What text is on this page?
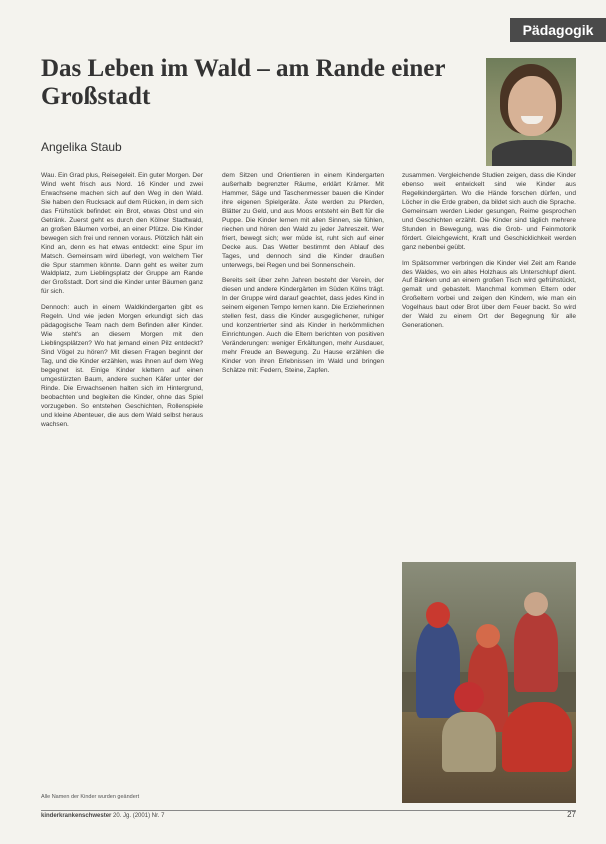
Pädagogik
Das Leben im Wald – am Rande einer Großstadt
Angelika Staub

Wau. Ein Grad plus, Reisegeleit. Ein guter Morgen. Der Wind weht frisch aus Nord. 16 Kinder und zwei Erwachsene machen sich auf den Weg in den Wald. Sie haben den Rucksack auf dem Rücken, in dem sich das Frühstück befindet: ein Brot, etwas Obst und ein Getränk. Zuerst geht es durch den Kölner Stadtwald, an großen Bäumen vorbei, an einer Pfütze. Die Kinder bewegen sich frei und rennen voraus. Plötzlich hält ein Kind an, denn es hat etwas entdeckt: eine Spur im Matsch. Gemeinsam wird überlegt, von welchem Tier die Spur stammen könnte. Dann geht es weiter zum Waldplatz, zum Lieblingsplatz der Gruppe am Rande der Großstadt. Dort sind die Kinder unter Bäumen ganz für sich.

Dennoch: auch in einem Waldkindergarten gibt es Regeln. Und wie jeden Morgen erkundigt sich das pädagogische Team nach dem Befinden aller Kinder. Wie steht's an diesem Morgen mit den Lieblingsplätzen? Wo hat jemand einen Pilz entdeckt? Sind Vögel zu hören? Mit diesen Fragen beginnt der Tag, und die Kinder erzählen, was ihnen auf dem Weg begegnet ist. Einige Kinder klettern auf einen umgestürzten Baum, andere suchen Käfer unter der Rinde. Die Erwachsenen halten sich im Hintergrund, beobachten und begleiten die Kinder, ohne das Spiel vorzugeben. So entstehen Geschichten, Rollenspiele und kleine Abenteuer, die aus dem Wald selbst heraus wachsen.

dem Sitzen und Orientieren in einem Kindergarten außerhalb begrenzter Räume, erklärt Krämer. Mit Hammer, Säge und Taschenmesser bauen die Kinder ihre eigenen Spielgeräte. Äste werden zu Pferden, Blätter zu Geld, und aus Moos entsteht ein Bett für die Puppe. Die Kinder lernen mit allen Sinnen, sie fühlen, riechen und hören den Wald zu jeder Jahreszeit. Wer friert, bewegt sich; wer müde ist, ruht sich auf einer Decke aus. Das Wetter bestimmt den Ablauf des Tages, und dennoch sind die Kinder draußen unterwegs, bei Regen und bei Sonnenschein.

Bereits seit über zehn Jahren besteht der Verein, der diesen und andere Kindergärten im Süden Kölns trägt. In der Gruppe wird darauf geachtet, dass jedes Kind in seinem eigenen Tempo lernen kann. Die Erzieherinnen stellen fest, dass die Kinder ausgeglichener, ruhiger und konzentrierter sind als Kinder in herkömmlichen Einrichtungen. Auch die Eltern berichten von positiven Veränderungen: weniger Erkältungen, mehr Ausdauer, mehr Freude an Bewegung. Zu Hause erzählen die Kinder von ihren Erlebnissen im Wald und bringen Schätze mit: Federn, Steine, Zapfen.

zusammen. Vergleichende Studien zeigen, dass die Kinder ebenso weit entwickelt sind wie Kinder aus Regelkindergärten. Wo die Hände forschen dürfen, und Löcher in die Erde graben, da bildet sich auch die Sprache. Gemeinsam werden Lieder gesungen, Reime gesprochen und Geschichten erzählt. Die Kinder sind täglich mehrere Stunden in Bewegung, was die Grob- und Feinmotorik fördert. Gleichgewicht, Kraft und Geschicklichkeit werden ganz nebenbei geübt.

Im Spätsommer verbringen die Kinder viel Zeit am Rande des Waldes, wo ein altes Holzhaus als Unterschlupf dient. Auf Bänken und an einem großen Tisch wird gefrühstückt, gemalt und gebastelt. Manchmal kommen Eltern oder Großeltern vorbei und zeigen den Kindern, wie man ein Vogelhaus baut oder Brot über dem Feuer backt. So wird der Wald zu einem Ort der Begegnung für alle Generationen.

Alle Namen der Kinder wurden geändert
kinderkrankenschwester 20. Jg. (2001) Nr. 7	27
